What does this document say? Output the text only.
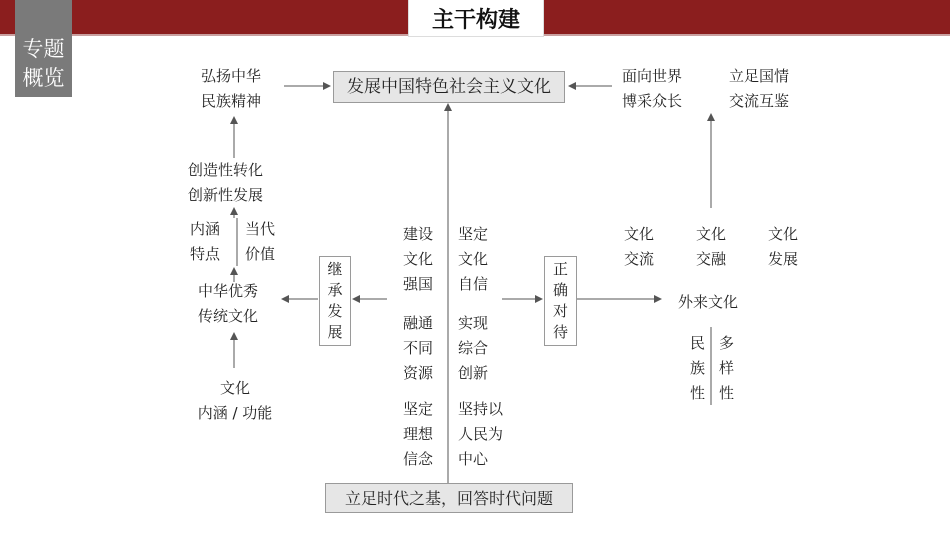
主干构建
专题
概览	发展中国特色社会主义文化
弘扬中华
民族精神
创造性转化
创新性发展
内涵
特点
当代
价值
中华优秀
传统文化
文化
内涵 / 功能
继
承
发
展
建设
文化
强国
融通
不同
资源
坚定
理想
信念
坚定
文化
自信
实现
综合
创新
坚持以
人民为
中心
正
确
对
待
外来文化
民
族
性
多
样
性
文化
交流
文化
交融
文化
发展
面向世界
博采众长
立足国情
交流互鉴
立足时代之基，回答时代问题
